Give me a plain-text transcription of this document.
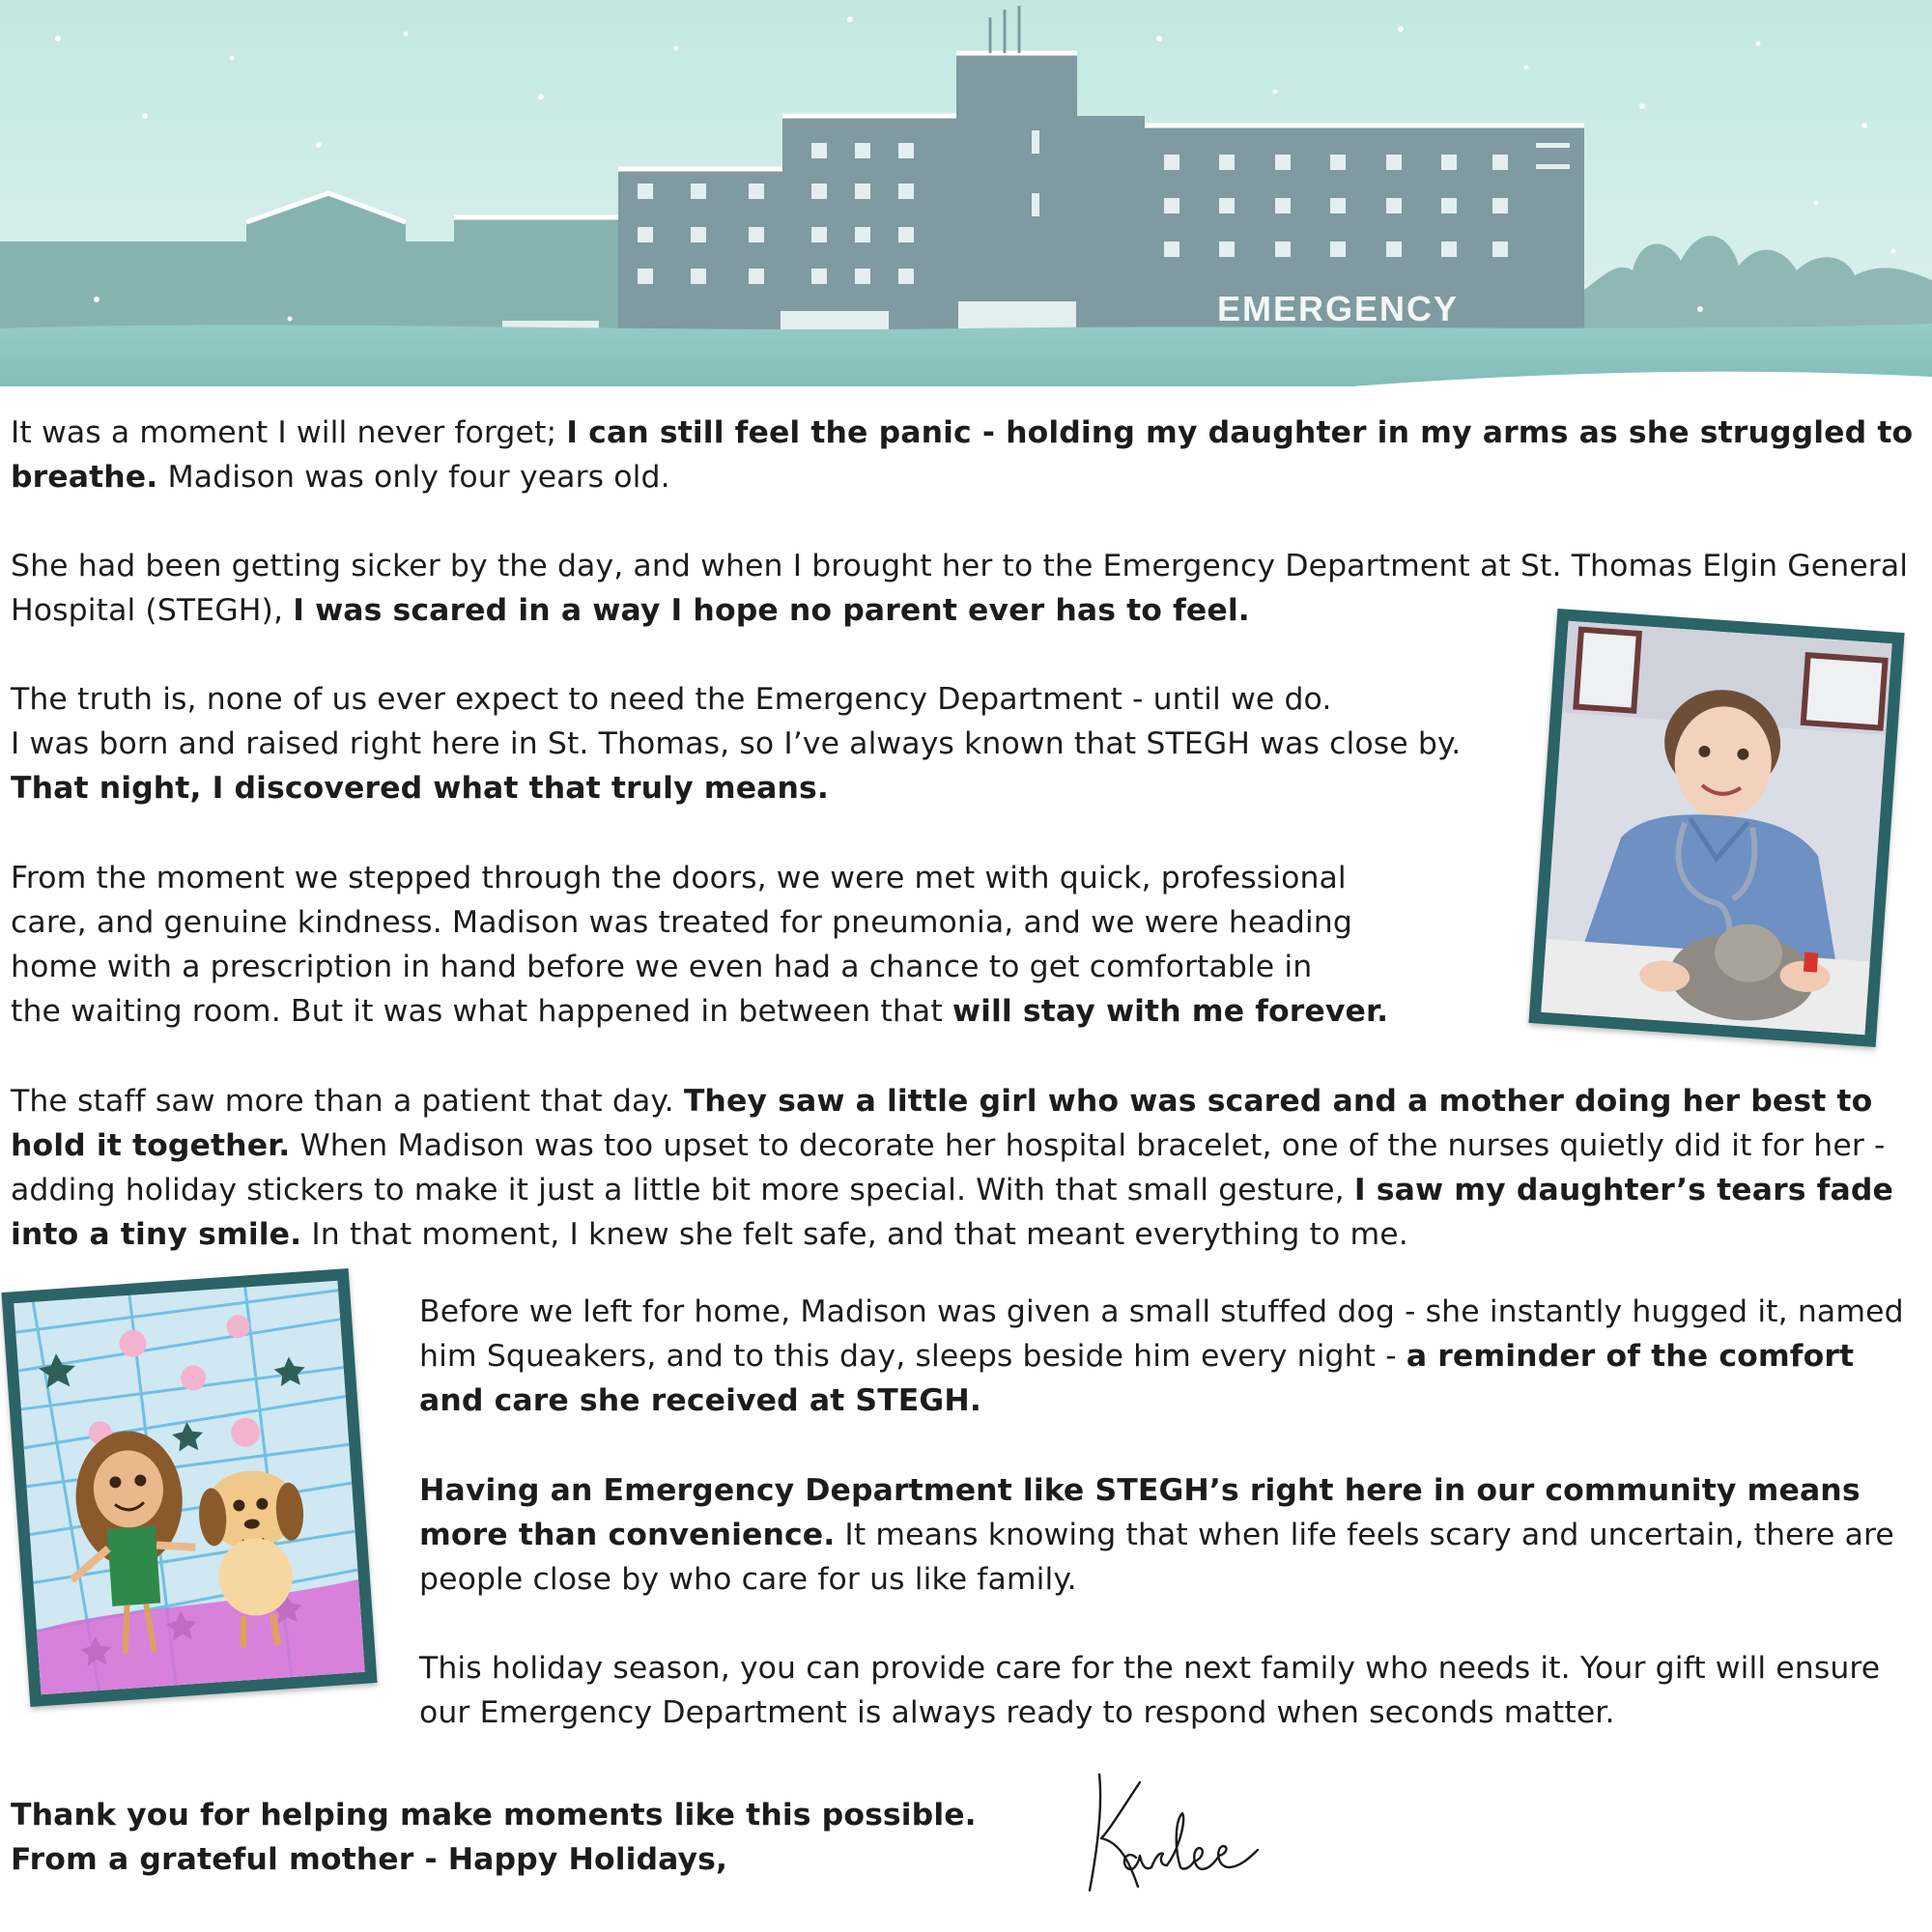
EMERGENCY

It was a moment I will never forget; I can still feel the panic - holding my daughter in my arms as she struggled to breathe. Madison was only four years old.

She had been getting sicker by the day, and when I brought her to the Emergency Department at St. Thomas Elgin General Hospital (STEGH), I was scared in a way I hope no parent ever has to feel.

The truth is, none of us ever expect to need the Emergency Department - until we do.
I was born and raised right here in St. Thomas, so I’ve always known that STEGH was close by.
That night, I discovered what that truly means.

From the moment we stepped through the doors, we were met with quick, professional
care, and genuine kindness. Madison was treated for pneumonia, and we were heading
home with a prescription in hand before we even had a chance to get comfortable in
the waiting room. But it was what happened in between that will stay with me forever.

The staff saw more than a patient that day. They saw a little girl who was scared and a mother doing her best to hold it together. When Madison was too upset to decorate her hospital bracelet, one of the nurses quietly did it for her - adding holiday stickers to make it just a little bit more special. With that small gesture, I saw my daughter’s tears fade into a tiny smile. In that moment, I knew she felt safe, and that meant everything to me.

Before we left for home, Madison was given a small stuffed dog - she instantly hugged it, named him Squeakers, and to this day, sleeps beside him every night - a reminder of the comfort and care she received at STEGH.

Having an Emergency Department like STEGH’s right here in our community means more than convenience. It means knowing that when life feels scary and uncertain, there are people close by who care for us like family.

This holiday season, you can provide care for the next family who needs it. Your gift will ensure our Emergency Department is always ready to respond when seconds matter.

Thank you for helping make moments like this possible.
From a grateful mother - Happy Holidays,
